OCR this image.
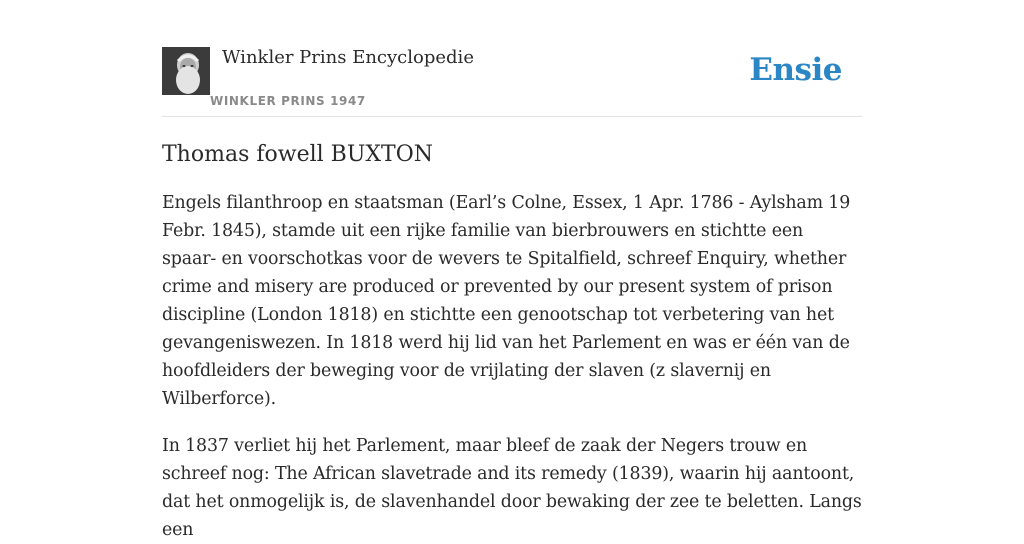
Winkler Prins Encyclopedie
WINKLER PRINS 1947
Ensie
Thomas fowell BUXTON

Engels filanthroop en staatsman (Earl’s Colne, Essex, 1 Apr. 1786 - Aylsham 19 Febr. 1845), stamde uit een rijke familie van bierbrouwers en stichtte een spaar- en voorschotkas voor de wevers te Spitalfield, schreef Enquiry, whether crime and misery are produced or prevented by our present system of prison discipline (London 1818) en stichtte een genootschap tot verbetering van het gevangeniswezen. In 1818 werd hij lid van het Parlement en was er één van de hoofdleiders der beweging voor de vrijlating der slaven (z slavernij en Wilberforce).

In 1837 verliet hij het Parlement, maar bleef de zaak der Negers trouw en schreef nog: The African slavetrade and its remedy (1839), waarin hij aantoont, dat het onmogelijk is, de slavenhandel door bewaking der zee te beletten. Langs een
